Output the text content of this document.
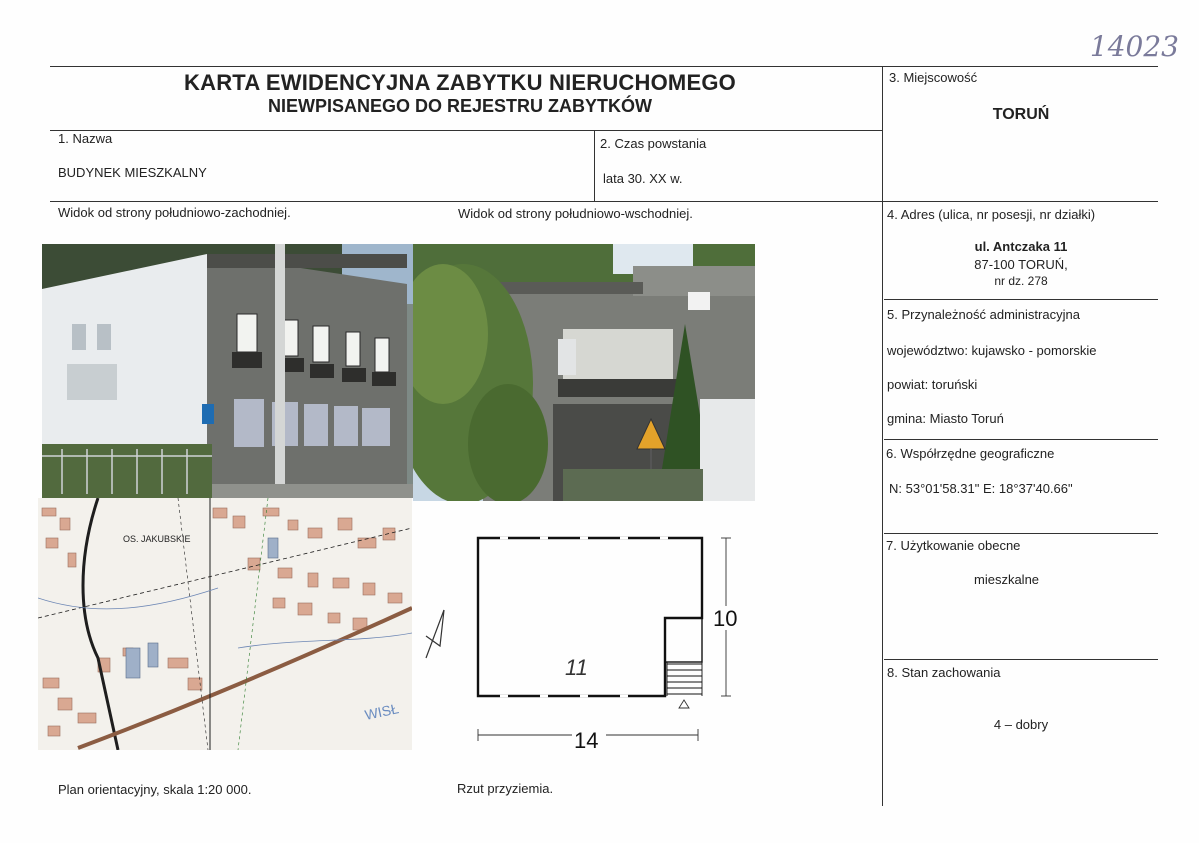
14023
KARTA EWIDENCYJNA ZABYTKU NIERUCHOMEGO
NIEWPISANEGO DO REJESTRU ZABYTKÓW
1. Nazwa
BUDYNEK MIESZKALNY
2. Czas powstania
lata 30. XX w.
3. Miejscowość
TORUŃ
4. Adres (ulica, nr posesji, nr działki)
ul. Antczaka 11
87-100 TORUŃ,
nr dz. 278
5. Przynależność administracyjna
województwo: kujawsko - pomorskie
powiat: toruński
gmina: Miasto Toruń
6. Współrzędne geograficzne
N: 53°01'58.31" E: 18°37'40.66"
7. Użytkowanie obecne
mieszkalne
8. Stan zachowania
4 – dobry
Widok od strony południowo-zachodniej.	Widok od strony południowo-wschodniej.
OS. JAKUBSKIE
WISŁ
10
14
11
Plan orientacyjny, skala 1:20 000.	Rzut przyziemia.
